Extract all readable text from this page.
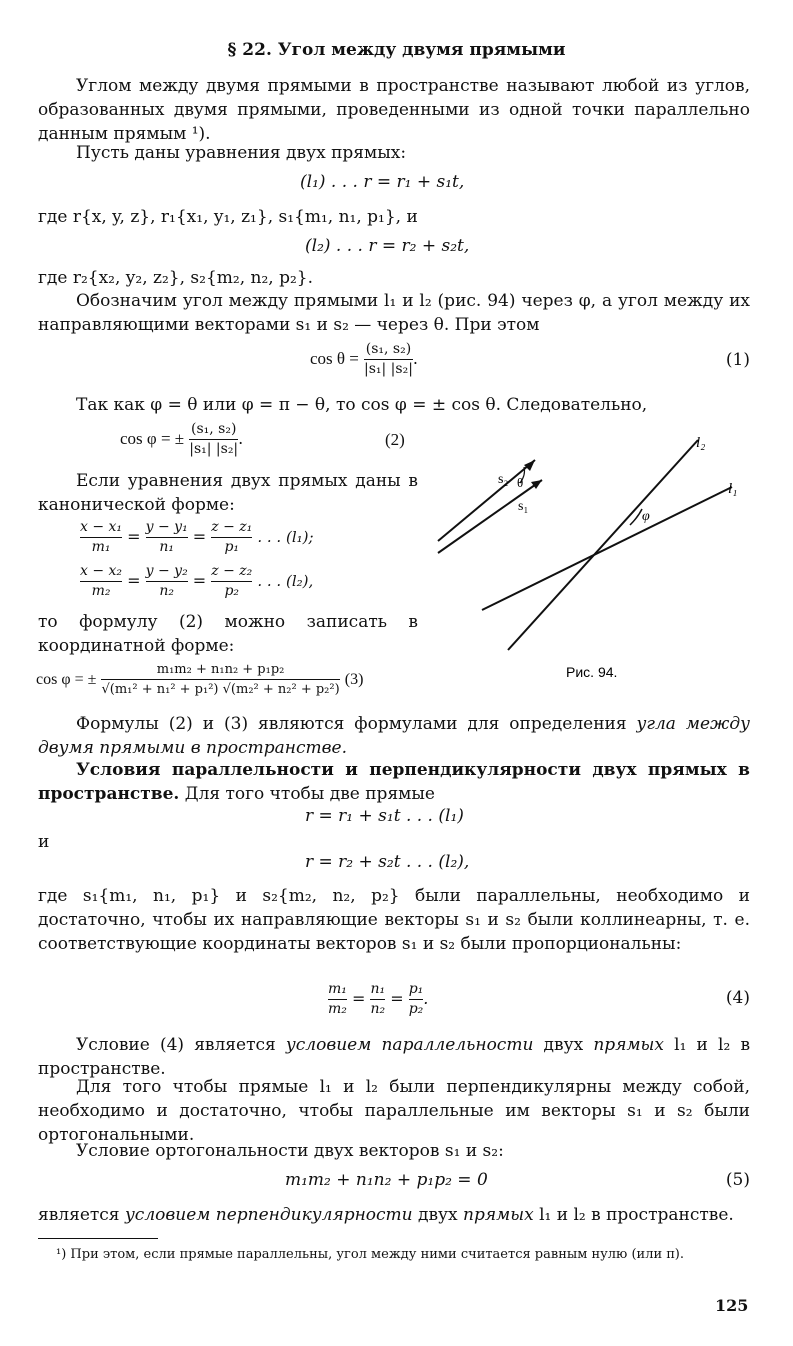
§ 22. Угол между двумя прямыми
Углом между двумя прямыми в пространстве называют любой из углов, образованных двумя прямыми, проведенными из одной точки параллельно данным прямым ¹).
Пусть даны уравнения двух прямых:
(l₁) . . . r = r₁ + s₁t,
где r{x, y, z}, r₁{x₁, y₁, z₁}, s₁{m₁, n₁, p₁}, и
(l₂) . . . r = r₂ + s₂t,
где r₂{x₂, y₂, z₂}, s₂{m₂, n₂, p₂}.
Обозначим угол между прямыми l₁ и l₂ (рис. 94) через φ, а угол между их направляющими векторами s₁ и s₂ — через θ. При этом
$\cos \theta = \frac{\text{(s₁, s₂)}}{\text{|s₁| |s₂|}}$ .	(1)
Так как φ = θ или φ = π − θ, то cos φ = ± cos θ. Следовательно,
cos φ = ± $\frac{\text{(s₁, s₂)}}{\text{|s₁| |s₂|}}$ .	(2)
Если уравнения двух прямых даны в канонической форме:
$\frac{\text{x − x₁}}{\text{m₁}} = \frac{\text{y − y₁}}{\text{n₁}} = \frac{\text{z − z₁}}{\text{p₁}}$ . . . (l₁);
$\frac{\text{x − x₂}}{\text{m₂}} = \frac{\text{y − y₂}}{\text{n₂}} = \frac{\text{z − z₂}}{\text{p₂}}$ . . . (l₂),
то формулу (2) можно записать в координатной форме:
cos φ = ± $\frac{\text{m₁m₂ + n₁n₂ + p₁p₂}}{\text{√(m₁² + n₁² + p₁²) √(m₂² + n₂² + p₂²)}} (3)$
l₂
l₁
s₂ θ
s₁
φ
Рис. 94.
Формулы (2) и (3) являются формулами для определения угла между двумя прямыми в пространстве.
Условия параллельности и перпендикулярности двух прямых в пространстве. Для того чтобы две прямые
r = r₁ + s₁t . . . (l₁)
и
r = r₂ + s₂t . . . (l₂),
где s₁{m₁, n₁, p₁} и s₂{m₂, n₂, p₂} были параллельны, необходимо и достаточно, чтобы их направляющие векторы s₁ и s₂ были коллинеарны, т. е. соответствующие координаты векторов s₁ и s₂ были пропорциональны:
$\frac{\text{m₁}}{\text{m₂}} = \frac{\text{n₁}}{\text{n₂}} = \frac{\text{p₁}}{\text{p₂}}$ .	(4)
Условие (4) является условием параллельности двух прямых l₁ и l₂ в пространстве.
Для того чтобы прямые l₁ и l₂ были перпендикулярны между собой, необходимо и достаточно, чтобы параллельные им векторы s₁ и s₂ были ортогональными.
Условие ортогональности двух векторов s₁ и s₂:
m₁m₂ + n₁n₂ + p₁p₂ = 0	(5)
является условием перпендикулярности двух прямых l₁ и l₂ в пространстве.
¹) При этом, если прямые параллельны, угол между ними считается равным нулю (или π).
125
